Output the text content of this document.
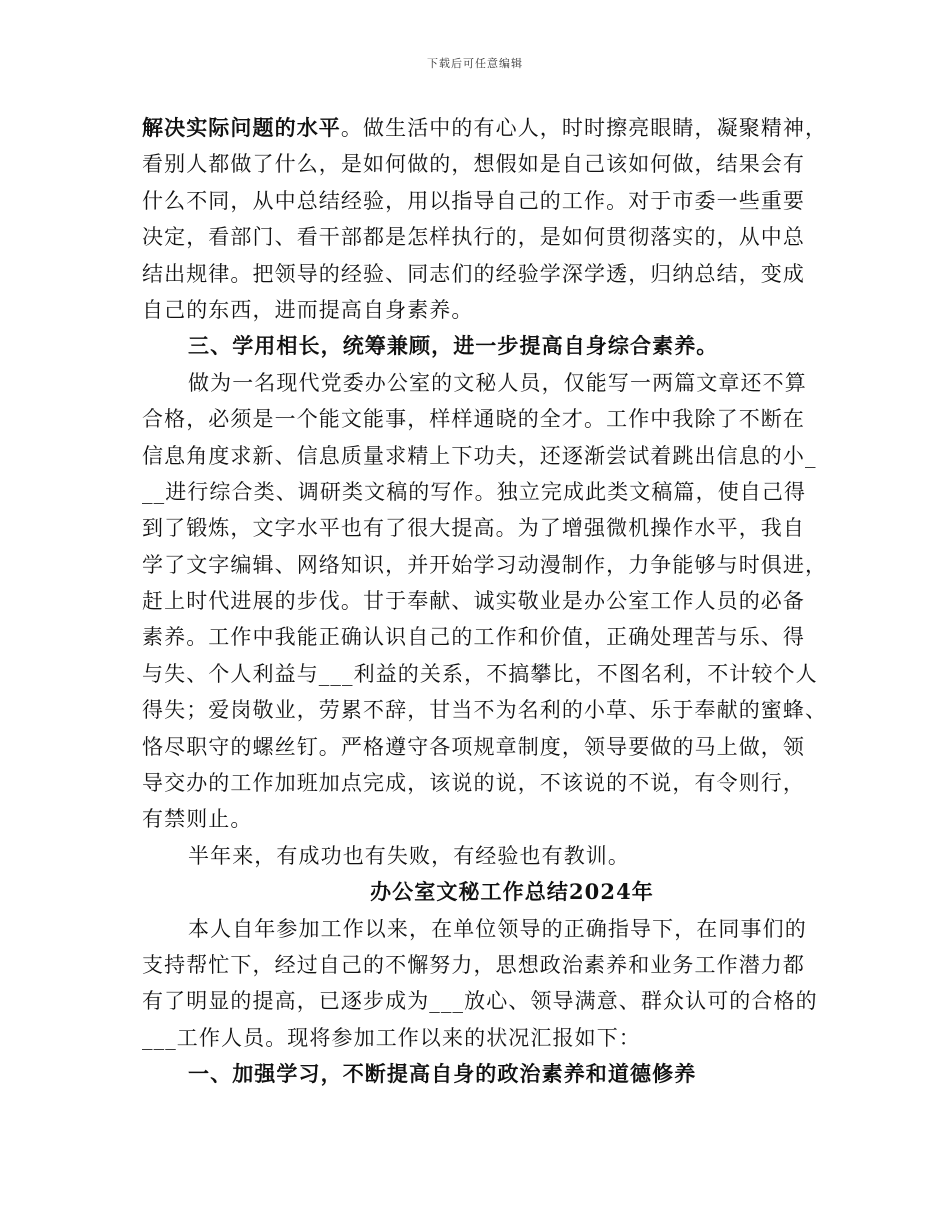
下载后可任意编辑
解决实际问题的水平。做生活中的有心人，时时擦亮眼睛，凝聚精神，
看别人都做了什么，是如何做的，想假如是自己该如何做，结果会有
什么不同，从中总结经验，用以指导自己的工作。对于市委一些重要
决定，看部门、看干部都是怎样执行的，是如何贯彻落实的，从中总
结出规律。把领导的经验、同志们的经验学深学透，归纳总结，变成
自己的东西，进而提高自身素养。
三、学用相长，统筹兼顾，进一步提高自身综合素养。
做为一名现代党委办公室的文秘人员，仅能写一两篇文章还不算
合格，必须是一个能文能事，样样通晓的全才。工作中我除了不断在
信息角度求新、信息质量求精上下功夫，还逐渐尝试着跳出信息的小_
__进行综合类、调研类文稿的写作。独立完成此类文稿篇，使自己得
到了锻炼，文字水平也有了很大提高。为了增强微机操作水平，我自
学了文字编辑、网络知识，并开始学习动漫制作，力争能够与时俱进，
赶上时代进展的步伐。甘于奉献、诚实敬业是办公室工作人员的必备
素养。工作中我能正确认识自己的工作和价值，正确处理苦与乐、得
与失、个人利益与___利益的关系，不搞攀比，不图名利，不计较个人
得失；爱岗敬业，劳累不辞，甘当不为名利的小草、乐于奉献的蜜蜂、
恪尽职守的螺丝钉。严格遵守各项规章制度，领导要做的马上做，领
导交办的工作加班加点完成，该说的说，不该说的不说，有令则行，
有禁则止。
半年来，有成功也有失败，有经验也有教训。
办公室文秘工作总结2024年
本人自年参加工作以来，在单位领导的正确指导下，在同事们的
支持帮忙下，经过自己的不懈努力，思想政治素养和业务工作潜力都
有了明显的提高，已逐步成为___放心、领导满意、群众认可的合格的
___工作人员。现将参加工作以来的状况汇报如下：
一、加强学习，不断提高自身的政治素养和道德修养
